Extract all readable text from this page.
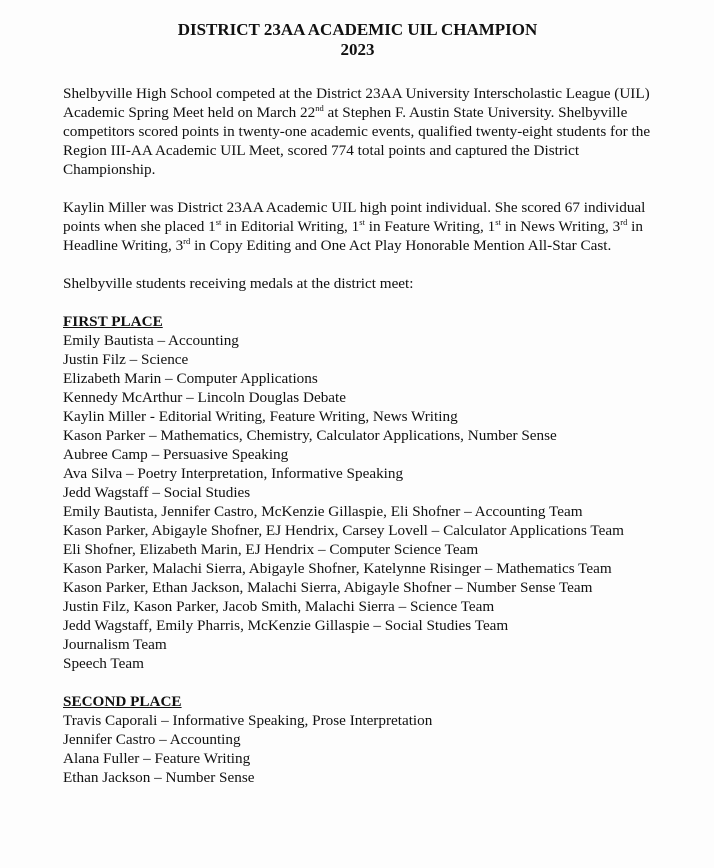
DISTRICT 23AA ACADEMIC UIL CHAMPION
2023

Shelbyville High School competed at the District 23AA University Interscholastic League (UIL) Academic Spring Meet held on March 22nd at Stephen F. Austin State University. Shelbyville competitors scored points in twenty-one academic events, qualified twenty-eight students for the Region III-AA Academic UIL Meet, scored 774 total points and captured the District Championship.

Kaylin Miller was District 23AA Academic UIL high point individual. She scored 67 individual points when she placed 1st in Editorial Writing, 1st in Feature Writing, 1st in News Writing, 3rd in Headline Writing, 3rd in Copy Editing and One Act Play Honorable Mention All-Star Cast.

Shelbyville students receiving medals at the district meet:

FIRST PLACE
Emily Bautista – Accounting
Justin Filz – Science
Elizabeth Marin – Computer Applications
Kennedy McArthur – Lincoln Douglas Debate
Kaylin Miller - Editorial Writing, Feature Writing, News Writing
Kason Parker – Mathematics, Chemistry, Calculator Applications, Number Sense
Aubree Camp – Persuasive Speaking
Ava Silva – Poetry Interpretation, Informative Speaking
Jedd Wagstaff – Social Studies
Emily Bautista, Jennifer Castro, McKenzie Gillaspie, Eli Shofner – Accounting Team
Kason Parker, Abigayle Shofner, EJ Hendrix, Carsey Lovell – Calculator Applications Team
Eli Shofner, Elizabeth Marin, EJ Hendrix – Computer Science Team
Kason Parker, Malachi Sierra, Abigayle Shofner, Katelynne Risinger – Mathematics Team
Kason Parker, Ethan Jackson, Malachi Sierra, Abigayle Shofner – Number Sense Team
Justin Filz, Kason Parker, Jacob Smith, Malachi Sierra – Science Team
Jedd Wagstaff, Emily Pharris, McKenzie Gillaspie – Social Studies Team
Journalism Team
Speech Team
SECOND PLACE
Travis Caporali – Informative Speaking, Prose Interpretation
Jennifer Castro – Accounting
Alana Fuller – Feature Writing
Ethan Jackson – Number Sense
